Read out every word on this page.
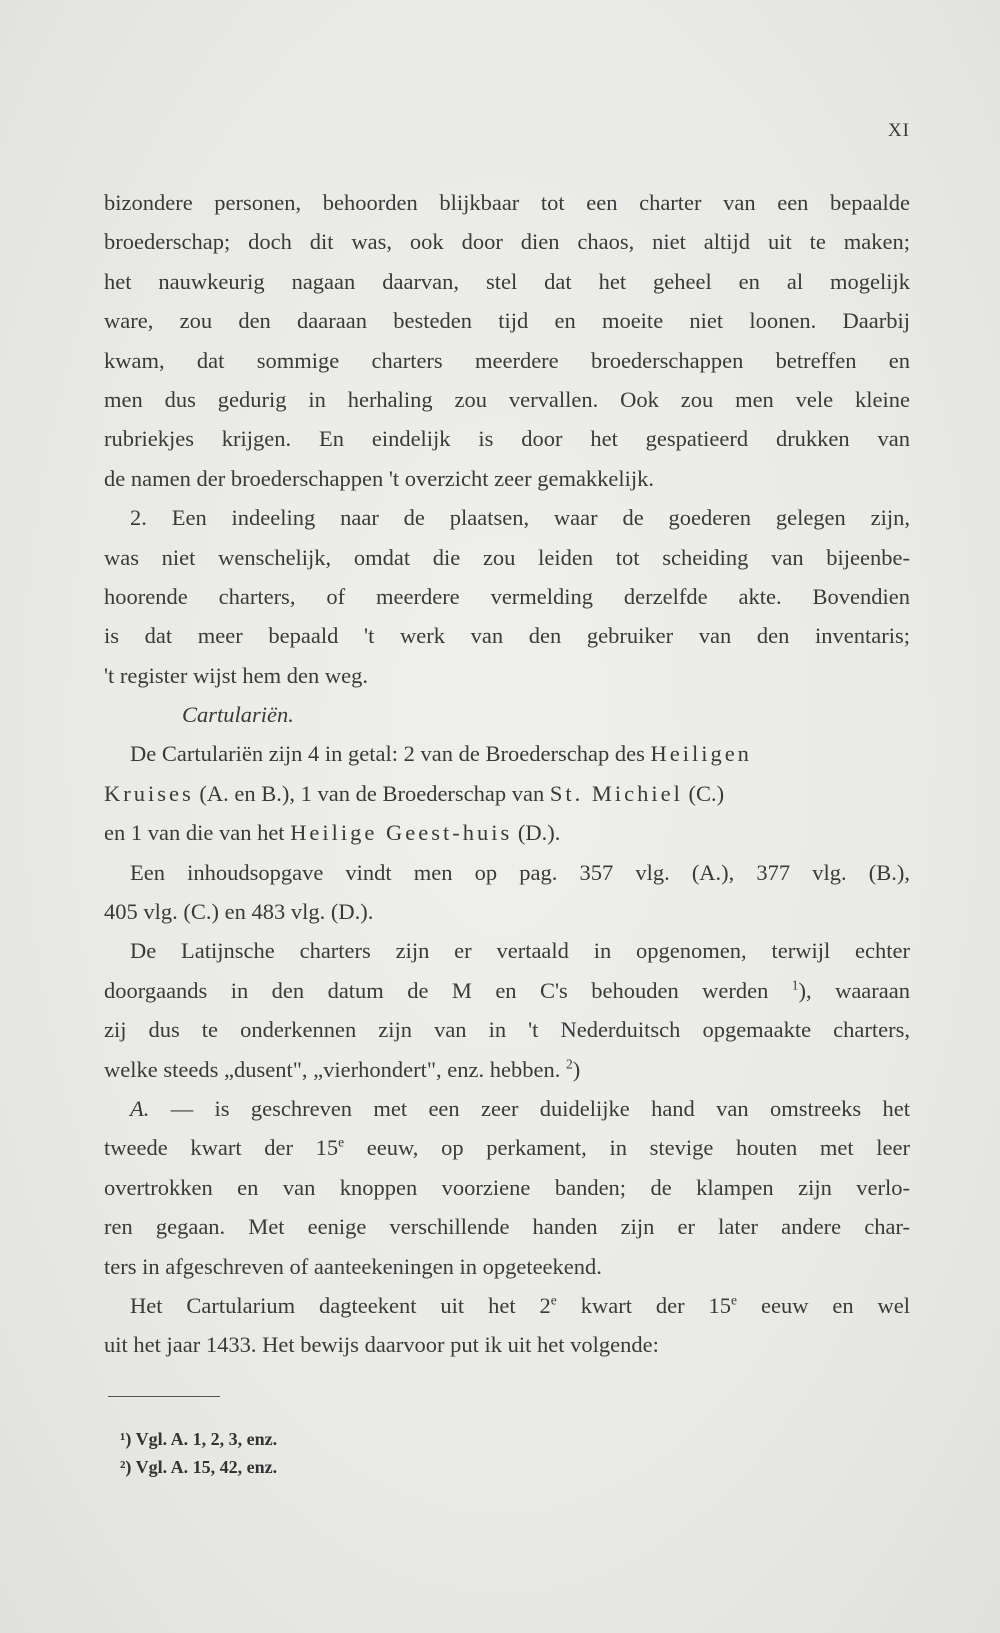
XI
bizondere personen, behoorden blijkbaar tot een charter van een bepaalde
broederschap; doch dit was, ook door dien chaos, niet altijd uit te maken;
het nauwkeurig nagaan daarvan, stel dat het geheel en al mogelijk
ware, zou den daaraan besteden tijd en moeite niet loonen. Daarbij
kwam, dat sommige charters meerdere broederschappen betreffen en
men dus gedurig in herhaling zou vervallen. Ook zou men vele kleine
rubriekjes krijgen. En eindelijk is door het gespatieerd drukken van
de namen der broederschappen 't overzicht zeer gemakkelijk.
2. Een indeeling naar de plaatsen, waar de goederen gelegen zijn,
was niet wenschelijk, omdat die zou leiden tot scheiding van bijeenbe-
hoorende charters, of meerdere vermelding derzelfde akte. Bovendien
is dat meer bepaald 't werk van den gebruiker van den inventaris;
't register wijst hem den weg.
Cartulariën.
De Cartulariën zijn 4 in getal: 2 van de Broederschap des Heiligen
Kruises (A. en B.), 1 van de Broederschap van St. Michiel (C.)
en 1 van die van het Heilige Geest-huis (D.).
Een inhoudsopgave vindt men op pag. 357 vlg. (A.), 377 vlg. (B.),
405 vlg. (C.) en 483 vlg. (D.).
De Latijnsche charters zijn er vertaald in opgenomen, terwijl echter
doorgaands in den datum de M en C's behouden werden $^1$), waaraan
zij dus te onderkennen zijn van in 't Nederduitsch opgemaakte charters,
welke steeds „dusent", „vierhondert", enz. hebben. $^2$)
A. — is geschreven met een zeer duidelijke hand van omstreeks het
tweede kwart der 15e eeuw, op perkament, in stevige houten met leer
overtrokken en van knoppen voorziene banden; de klampen zijn verlo-
ren gegaan. Met eenige verschillende handen zijn er later andere char-
ters in afgeschreven of aanteekeningen in opgeteekend.
Het Cartularium dagteekent uit het 2e kwart der 15e eeuw en wel
uit het jaar 1433. Het bewijs daarvoor put ik uit het volgende:
¹) Vgl. A. 1, 2, 3, enz.
²) Vgl. A. 15, 42, enz.
